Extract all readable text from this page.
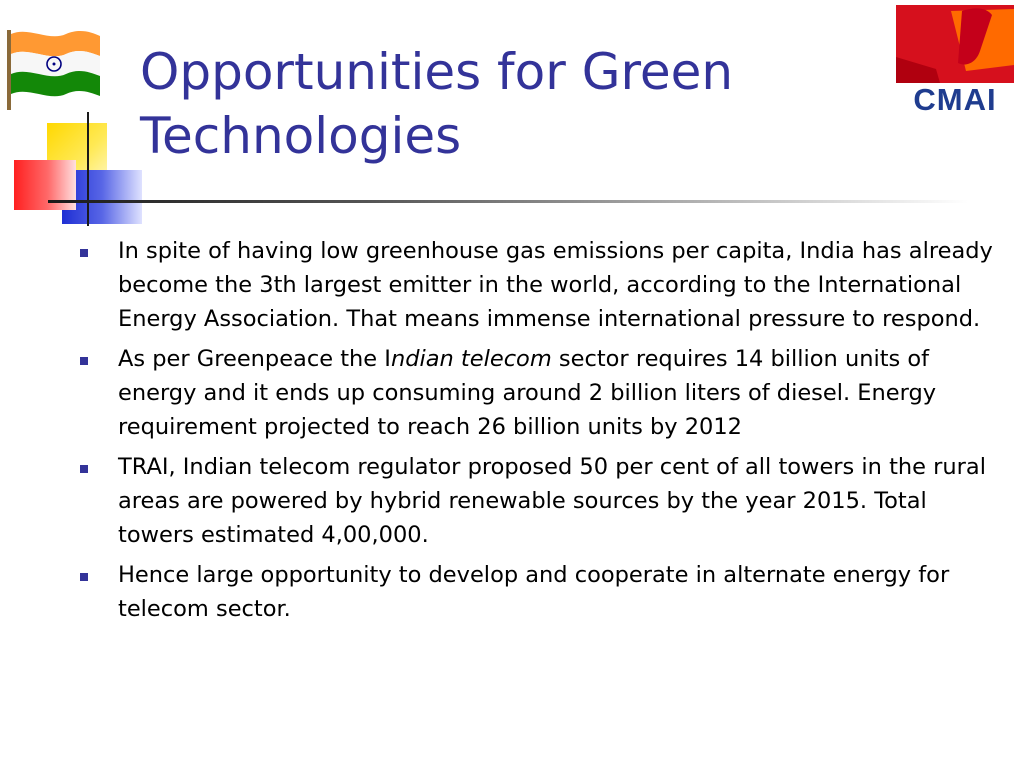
CMAI
Opportunities for Green
Technologies
In spite of having low greenhouse gas emissions per capita, India has already become the 3th largest emitter in the world, according to the International Energy Association. That means immense international pressure to respond.
As per Greenpeace the Indian telecom sector requires 14 billion units of energy and it ends up consuming around 2 billion liters of diesel. Energy requirement projected to reach 26 billion units by 2012
TRAI, Indian telecom regulator proposed 50 per cent of all towers in the rural areas are powered by hybrid renewable sources by the year 2015. Total towers estimated 4,00,000.
Hence large opportunity to develop and cooperate in alternate energy for telecom sector.
